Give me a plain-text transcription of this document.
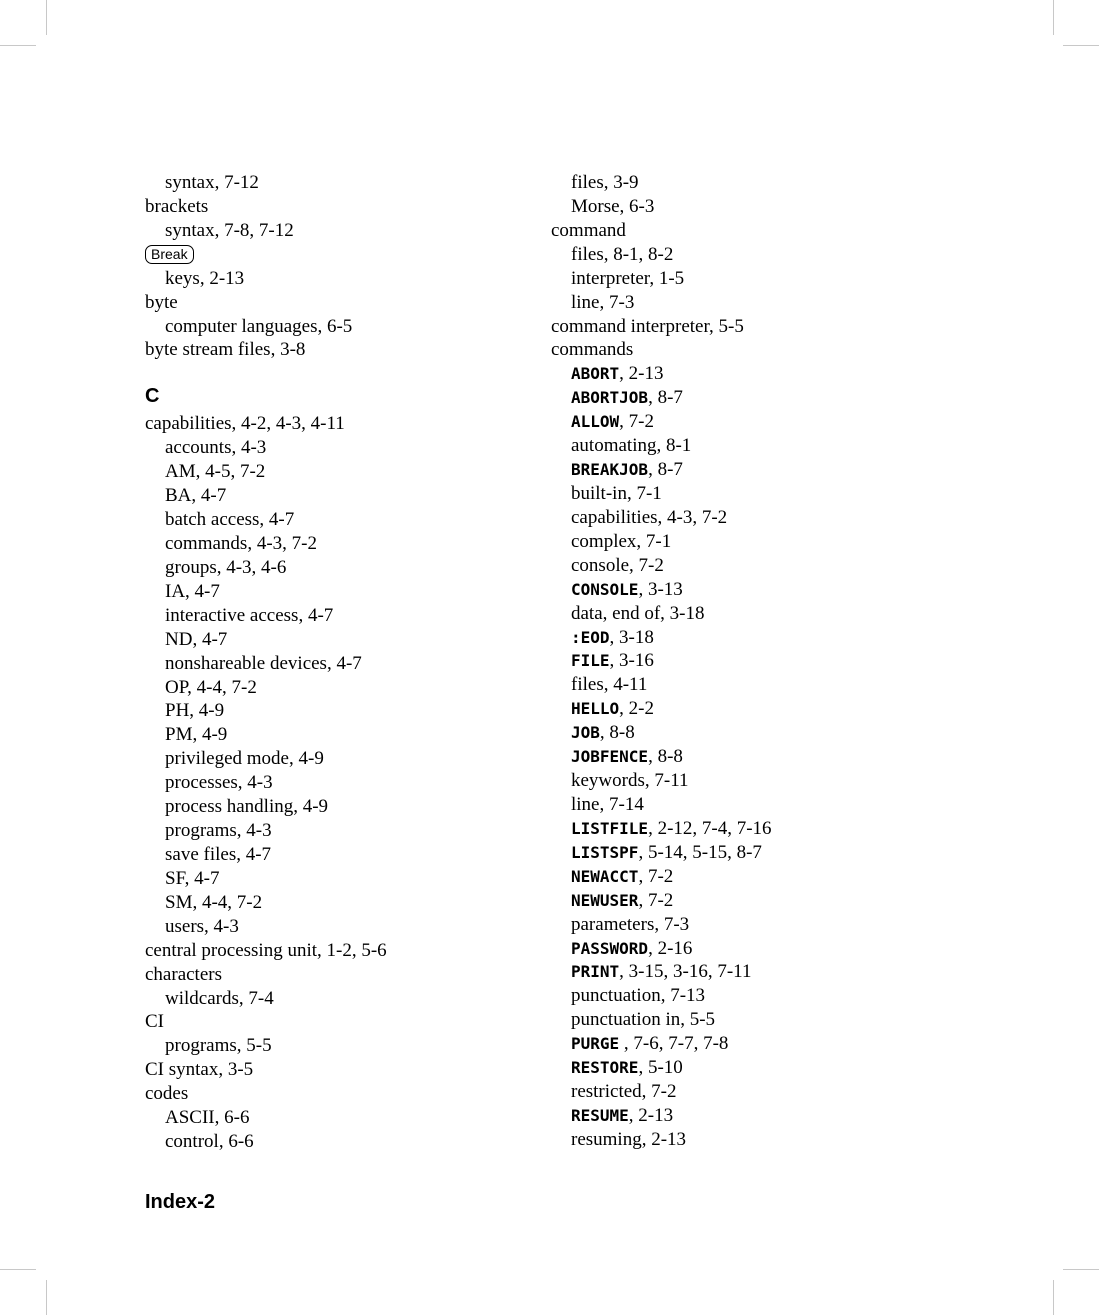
syntax, 7-12
brackets
syntax, 7-8, 7-12
Break
keys, 2-13
byte
computer languages, 6-5
byte stream files, 3-8
C
capabilities, 4-2, 4-3, 4-11
accounts, 4-3
AM, 4-5, 7-2
BA, 4-7
batch access, 4-7
commands, 4-3, 7-2
groups, 4-3, 4-6
IA, 4-7
interactive access, 4-7
ND, 4-7
nonshareable devices, 4-7
OP, 4-4, 7-2
PH, 4-9
PM, 4-9
privileged mode, 4-9
processes, 4-3
process handling, 4-9
programs, 4-3
save files, 4-7
SF, 4-7
SM, 4-4, 7-2
users, 4-3
central processing unit, 1-2, 5-6
characters
wildcards, 7-4
CI
programs, 5-5
CI syntax, 3-5
codes
ASCII, 6-6
control, 6-6
files, 3-9
Morse, 6-3
command
files, 8-1, 8-2
interpreter, 1-5
line, 7-3
command interpreter, 5-5
commands
ABORT, 2-13
ABORTJOB, 8-7
ALLOW, 7-2
automating, 8-1
BREAKJOB, 8-7
built-in, 7-1
capabilities, 4-3, 7-2
complex, 7-1
console, 7-2
CONSOLE, 3-13
data, end of, 3-18
:EOD, 3-18
FILE, 3-16
files, 4-11
HELLO, 2-2
JOB, 8-8
JOBFENCE, 8-8
keywords, 7-11
line, 7-14
LISTFILE, 2-12, 7-4, 7-16
LISTSPF, 5-14, 5-15, 8-7
NEWACCT, 7-2
NEWUSER, 7-2
parameters, 7-3
PASSWORD, 2-16
PRINT, 3-15, 3-16, 7-11
punctuation, 7-13
punctuation in, 5-5
PURGE , 7-6, 7-7, 7-8
RESTORE, 5-10
restricted, 7-2
RESUME, 2-13
resuming, 2-13
Index-2
